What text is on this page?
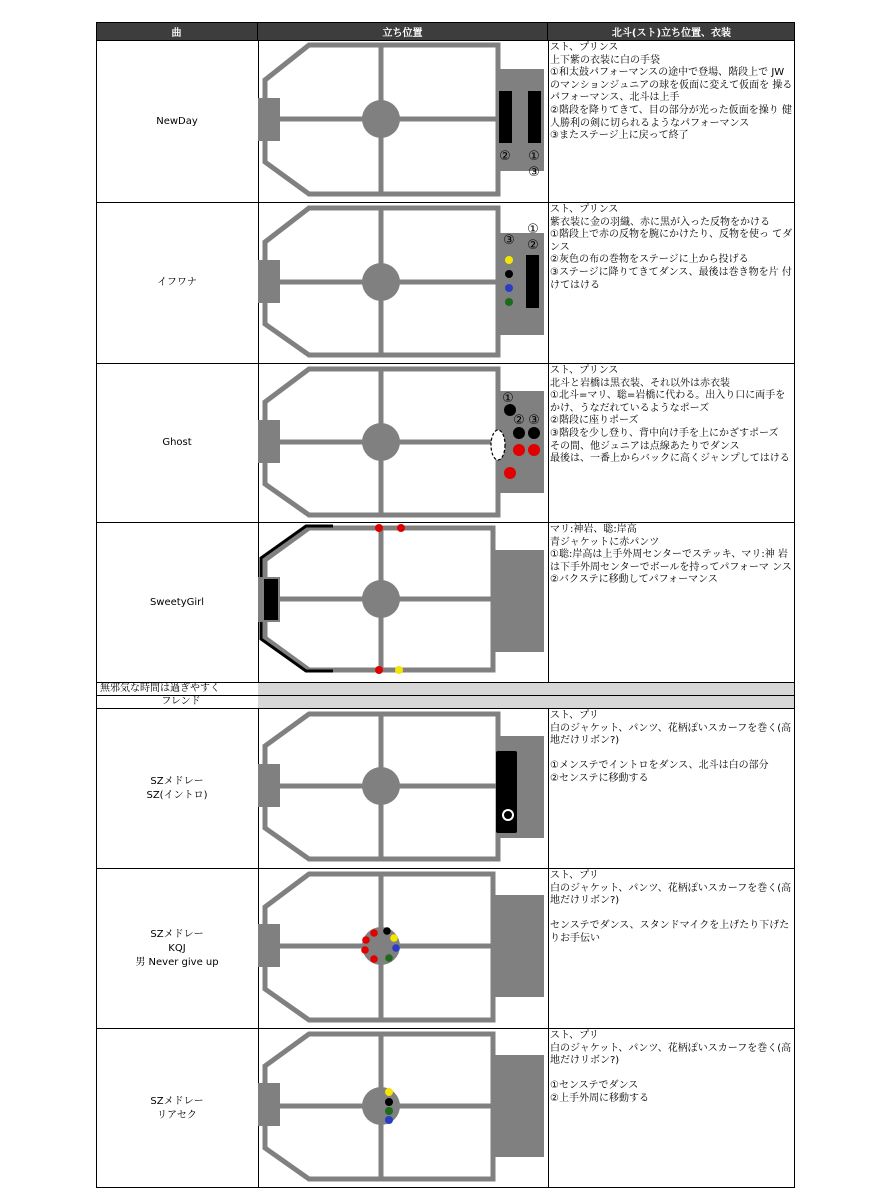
曲	立ち位置	北斗(スト)立ち位置、衣装
NewDay
② ①
③
スト、プリンス
上下紫の衣装に白の手袋
①和太鼓パフォーマンスの途中で登場、階段上で JWのマンションジュニアの球を仮面に変えて仮面を 操るパフォーマンス、北斗は上手
②階段を降りてきて、目の部分が光った仮面を操り 健人勝利の剣に切られるようなパフォーマンス
③またステージ上に戻って終了
イフワナ
①
②
③
スト、プリンス
紫衣装に金の羽織、赤に黒が入った反物をかける
①階段上で赤の反物を腕にかけたり、反物を使っ てダンス
②灰色の布の巻物をステージに上から投げる
③ステージに降りてきてダンス、最後は巻き物を片 付けてはける
Ghost
①
② ③
スト、プリンス
北斗と岩橋は黒衣装、それ以外は赤衣装
①北斗=マリ、聡=岩橋に代わる。出入り口に両手を かけ、うなだれているようなポーズ
②階段に座りポーズ
③階段を少し登り、背中向け手を上にかざすポーズ
その間、他ジュニアは点線あたりでダンス
最後は、一番上からバックに高くジャンプしてはける
SweetyGirl
マリ:神岩、聡:岸高
青ジャケットに赤パンツ
①聡:岸高は上手外周センターでステッキ、マリ:神 岩は下手外周センターでボールを持ってパフォーマ ンス
②バクステに移動してパフォーマンス
無邪気な時間は過ぎやすく
フレンド
SZメドレー
SZ(イントロ)
スト、プリ
白のジャケット、パンツ、花柄ぽいスカーフを巻く(高 地だけリボン?)

①メンステでイントロをダンス、北斗は白の部分
②センステに移動する
SZメドレー
KQJ
男 Never give up
スト、プリ
白のジャケット、パンツ、花柄ぽいスカーフを巻く(高 地だけリボン?)

センステでダンス、スタンドマイクを上げたり下げた りお手伝い
SZメドレー
リアセク
スト、プリ
白のジャケット、パンツ、花柄ぽいスカーフを巻く(高 地だけリボン?)

①センステでダンス
②上手外周に移動する
